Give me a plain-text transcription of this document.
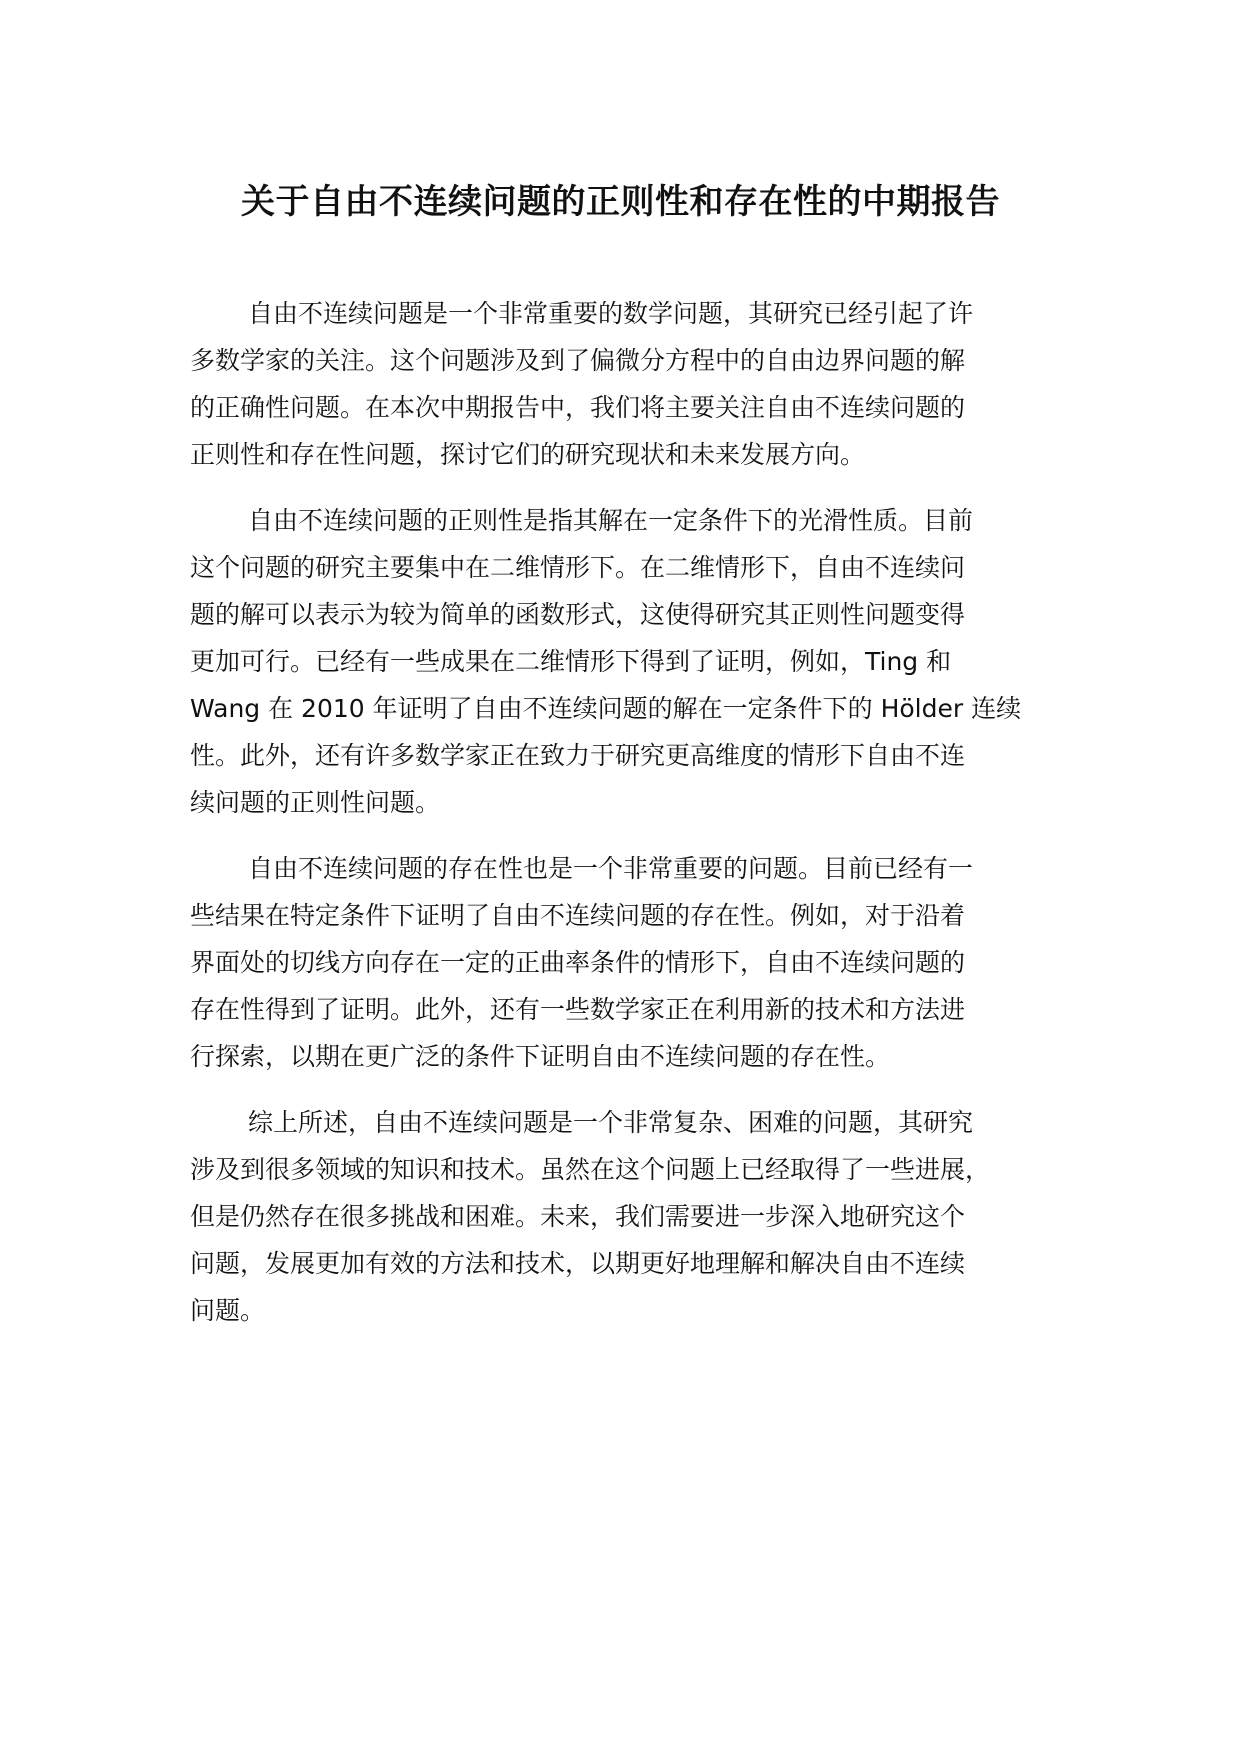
关于自由不连续问题的正则性和存在性的中期报告
自由不连续问题是一个非常重要的数学问题，其研究已经引起了许
多数学家的关注。这个问题涉及到了偏微分方程中的自由边界问题的解
的正确性问题。在本次中期报告中，我们将主要关注自由不连续问题的
正则性和存在性问题，探讨它们的研究现状和未来发展方向。
自由不连续问题的正则性是指其解在一定条件下的光滑性质。目前
这个问题的研究主要集中在二维情形下。在二维情形下，自由不连续问
题的解可以表示为较为简单的函数形式，这使得研究其正则性问题变得
更加可行。已经有一些成果在二维情形下得到了证明，例如，Ting 和
Wang 在 2010 年证明了自由不连续问题的解在一定条件下的 Hölder 连续
性。此外，还有许多数学家正在致力于研究更高维度的情形下自由不连
续问题的正则性问题。
自由不连续问题的存在性也是一个非常重要的问题。目前已经有一
些结果在特定条件下证明了自由不连续问题的存在性。例如，对于沿着
界面处的切线方向存在一定的正曲率条件的情形下，自由不连续问题的
存在性得到了证明。此外，还有一些数学家正在利用新的技术和方法进
行探索，以期在更广泛的条件下证明自由不连续问题的存在性。
综上所述，自由不连续问题是一个非常复杂、困难的问题，其研究
涉及到很多领域的知识和技术。虽然在这个问题上已经取得了一些进展，
但是仍然存在很多挑战和困难。未来，我们需要进一步深入地研究这个
问题，发展更加有效的方法和技术，以期更好地理解和解决自由不连续
问题。
